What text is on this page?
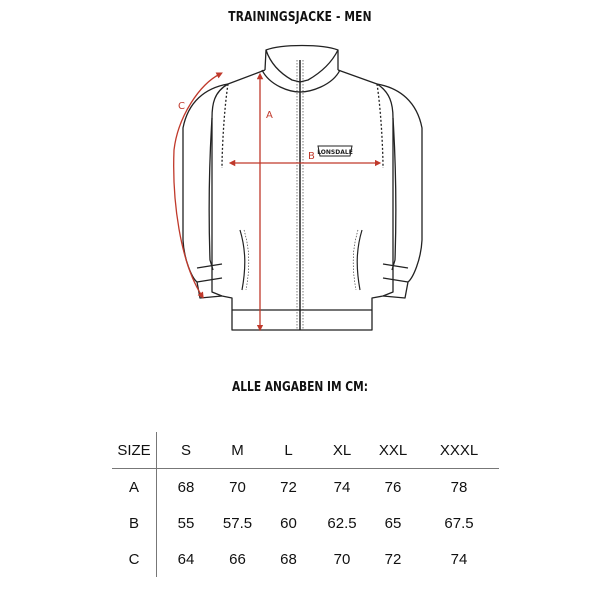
TRAININGSJACKE - MEN
LONSDALE
A
B
C
ALLE ANGABEN IM CM:
SIZE	S	M	L	XL	XXL	XXXL
A	68	70	72	74	76	78
B	55	57.5	60	62.5	65	67.5
C	64	66	68	70	72	74
